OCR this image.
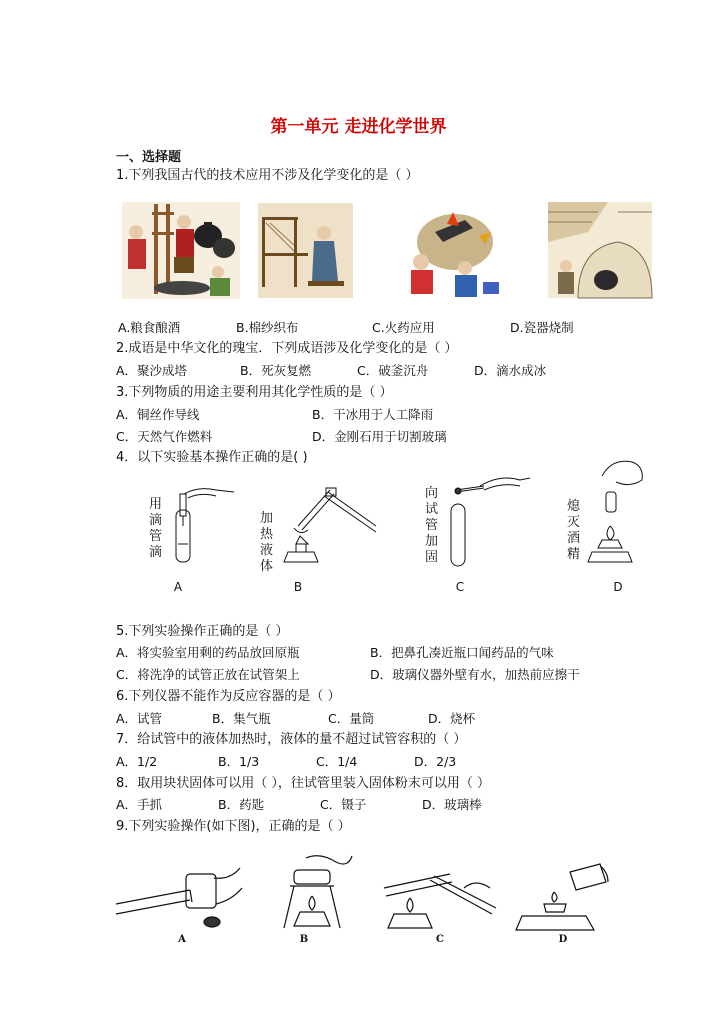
第一单元 走进化学世界
一、选择题
1.下列我国古代的技术应用不涉及化学变化的是（ ）
A.粮食酿酒	B.棉纱织布	C.火药应用	D.瓷器烧制
2.成语是中华文化的瑰宝．下列成语涉及化学变化的是（ ）
A．聚沙成塔	B．死灰复燃	C．破釜沉舟	D．滴水成冰
3.下列物质的用途主要利用其化学性质的是（ ）
A．铜丝作导线	B．干冰用于人工降雨
C．天然气作燃料	D．金刚石用于切割玻璃
4．以下实验基本操作正确的是( )
用滴管滴
A
加热液体
B
向试管加固
C
熄灭酒精
D
5.下列实验操作正确的是（ ）
A．将实验室用剩的药品放回原瓶	B．把鼻孔凑近瓶口闻药品的气味
C．将洗净的试管正放在试管架上	D．玻璃仪器外壁有水，加热前应擦干
6.下列仪器不能作为反应容器的是（ ）
A．试管	B．集气瓶	C．量筒	D．烧杯
7．给试管中的液体加热时，液体的量不超过试管容积的（ ）
A．1/2	B．1/3	C．1/4	D．2/3
8．取用块状固体可以用（ ），往试管里装入固体粉末可以用（ ）
A．手抓	B．药匙	C．镊子	D．玻璃棒
9.下列实验操作(如下图)，正确的是（ ）
A	B	C	D
